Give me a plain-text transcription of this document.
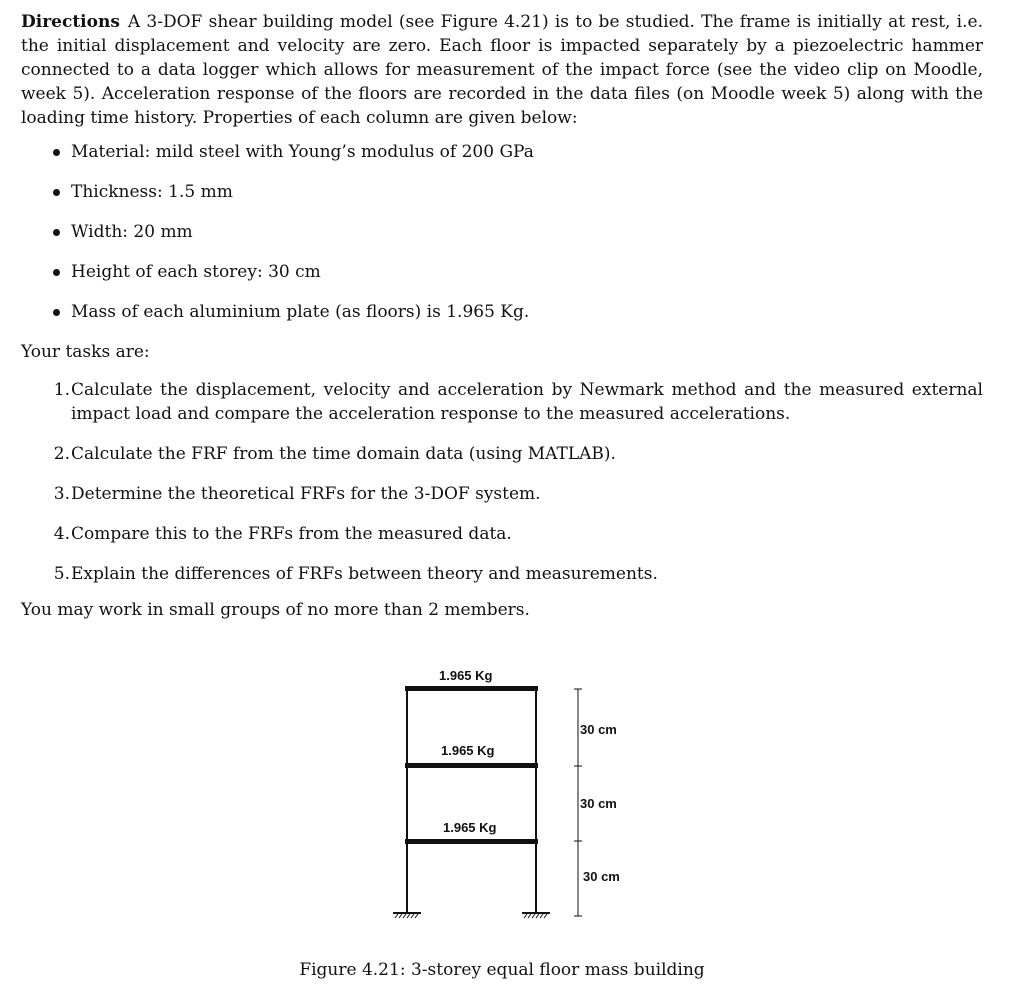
Directions A 3-DOF shear building model (see Figure 4.21) is to be studied. The frame is initially at rest, i.e. the initial displacement and velocity are zero. Each floor is impacted separately by a piezoelectric hammer connected to a data logger which allows for measurement of the impact force (see the video clip on Moodle, week 5). Acceleration response of the floors are recorded in the data files (on Moodle week 5) along with the loading time history. Properties of each column are given below:

Material: mild steel with Young’s modulus of 200 GPa
Thickness: 1.5 mm
Width: 20 mm
Height of each storey: 30 cm
Mass of each aluminium plate (as floors) is 1.965 Kg.
Your tasks are:
1. Calculate the displacement, velocity and acceleration by Newmark method and the measured external impact load and compare the acceleration response to the measured accelerations.
2. Calculate the FRF from the time domain data (using MATLAB).
3. Determine the theoretical FRFs for the 3-DOF system.
4. Compare this to the FRFs from the measured data.
5. Explain the differences of FRFs between theory and measurements.
You may work in small groups of no more than 2 members.
1.965 Kg
1.965 Kg
1.965 Kg
30 cm
30 cm
30 cm
Figure 4.21: 3-storey equal floor mass building
